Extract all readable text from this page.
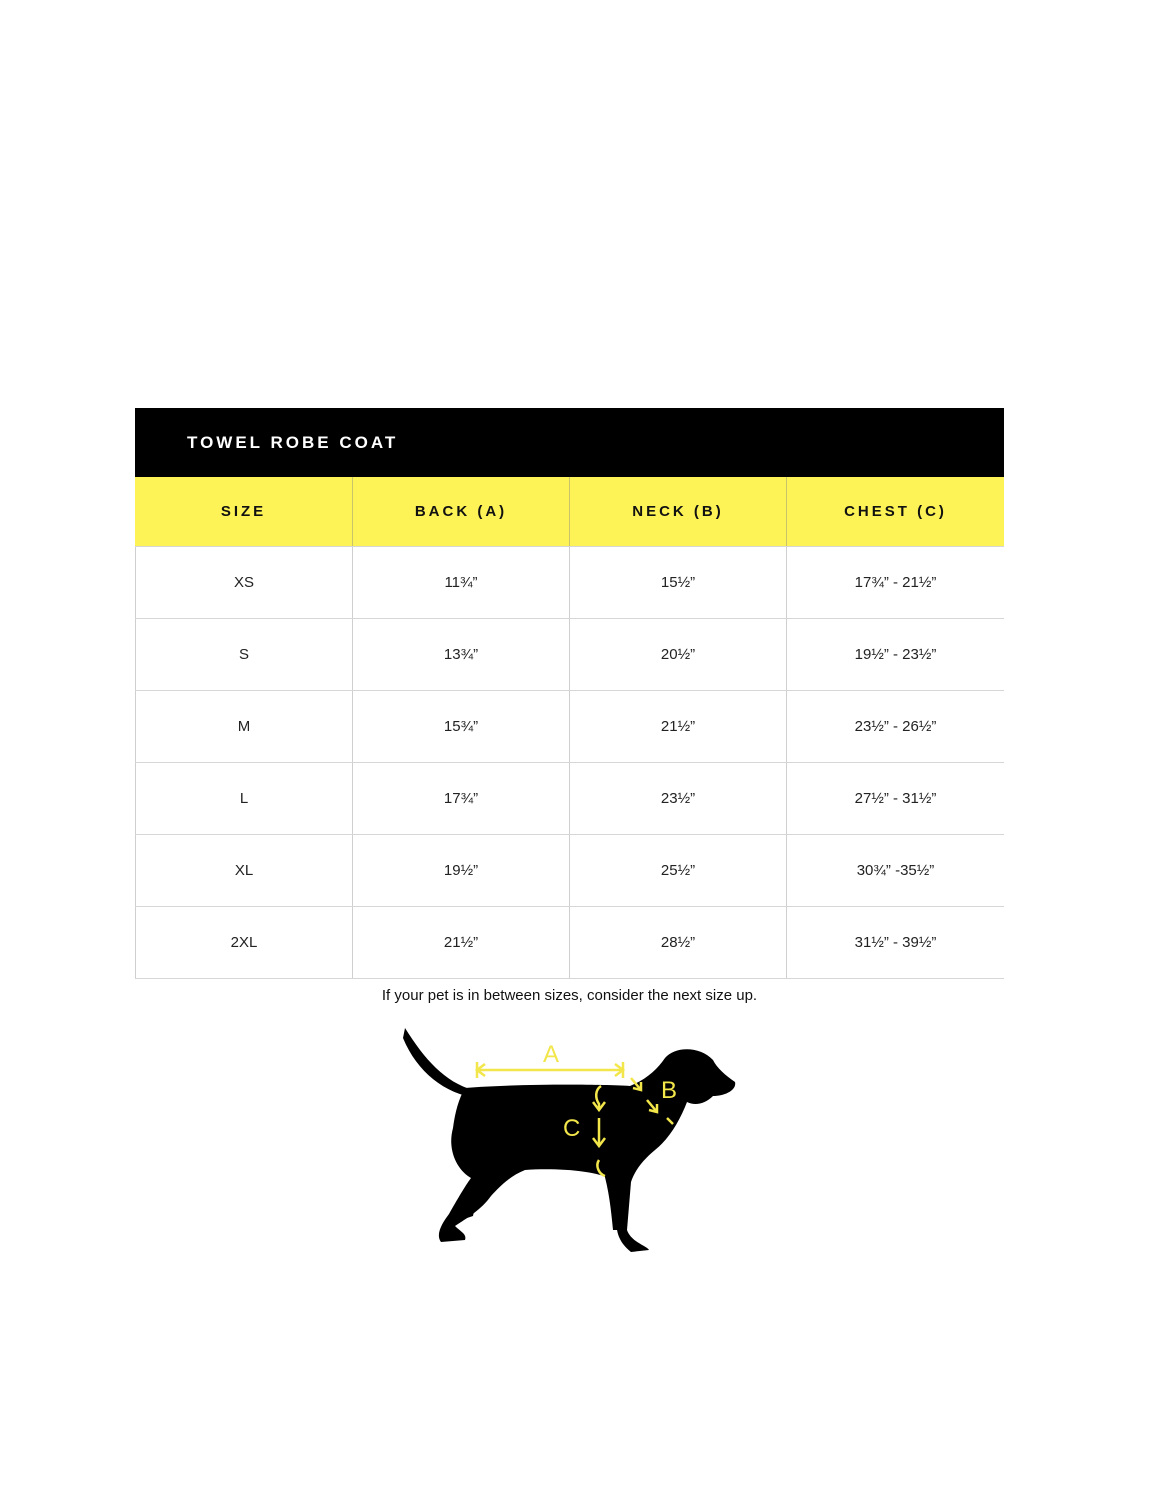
TOWEL ROBE COAT
SIZE	BACK (A)	NECK (B)	CHEST (C)
XS	11¾”	15½”	17¾” - 21½”
S	13¾”	20½”	19½” - 23½”
M	15¾”	21½”	23½” - 26½”
L	17¾”	23½”	27½” - 31½”
XL	19½”	25½”	30¾” -35½”
2XL	21½”	28½”	31½” - 39½”
If your pet is in between sizes, consider the next size up.
A
B
C
